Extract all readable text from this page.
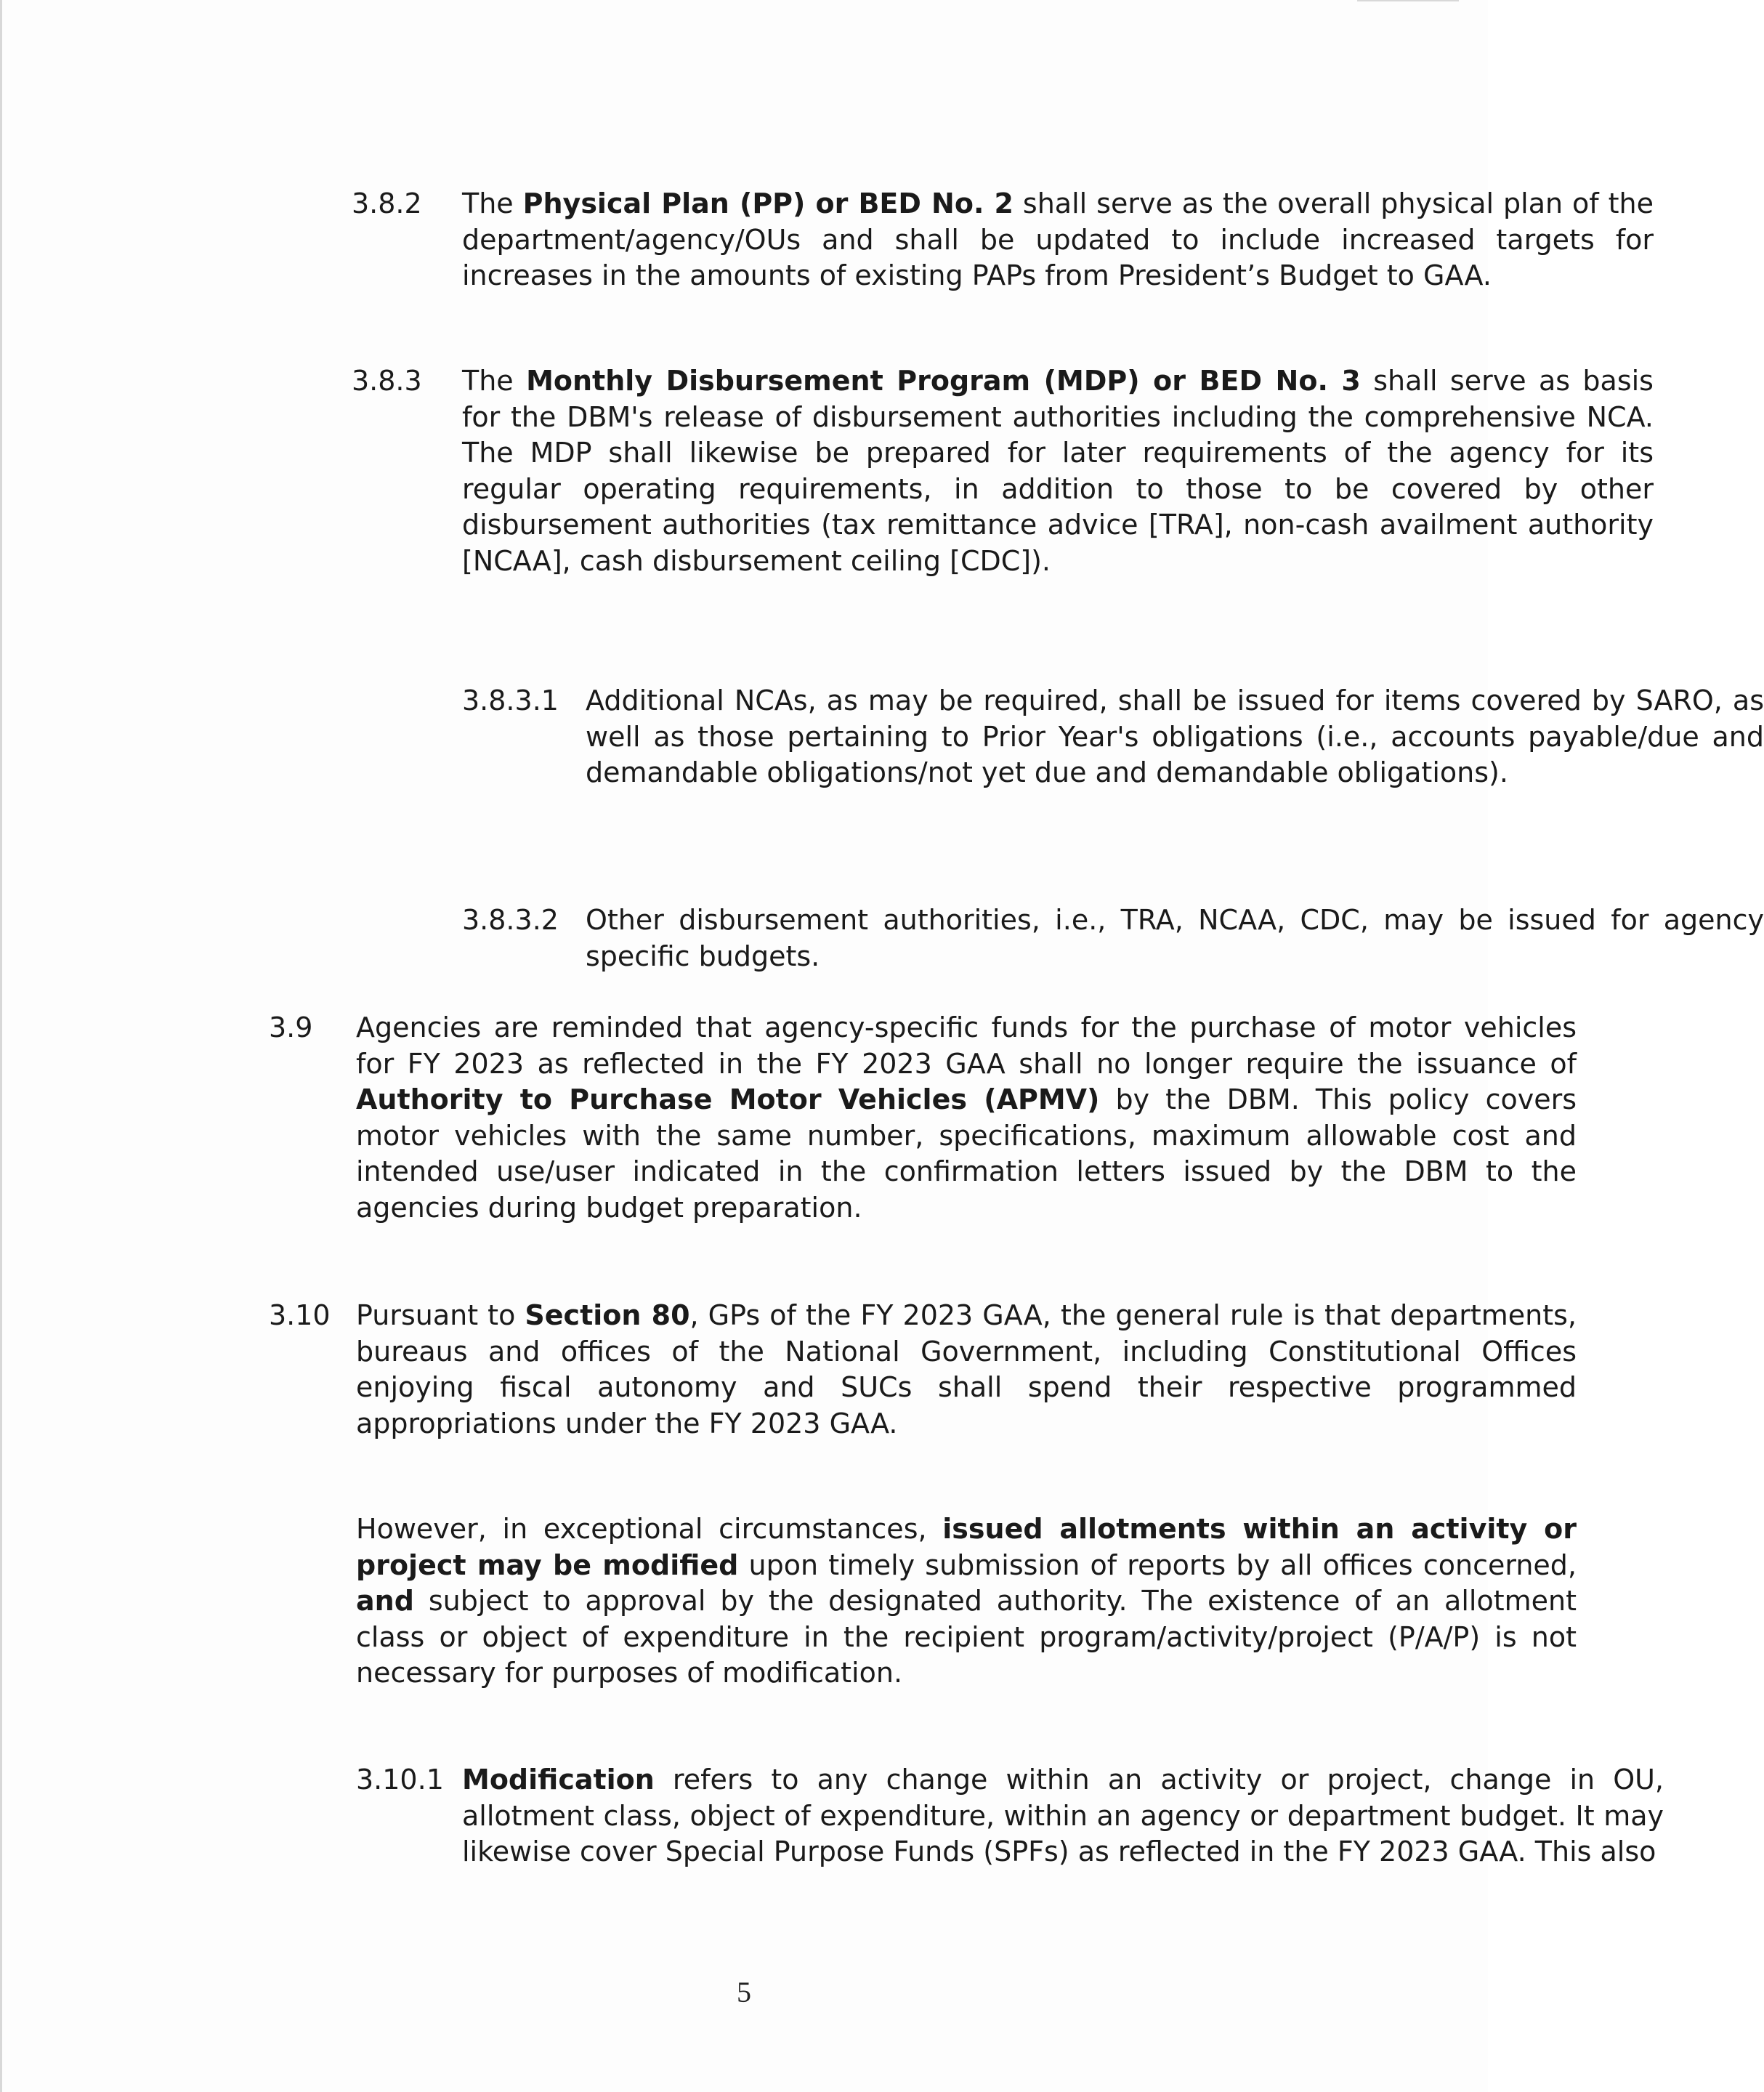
3.8.2 The Physical Plan (PP) or BED No. 2 shall serve as the overall physical plan of the department/agency/OUs and shall be updated to include increased targets for increases in the amounts of existing PAPs from President’s Budget to GAA.
3.8.3 The Monthly Disbursement Program (MDP) or BED No. 3 shall serve as basis for the DBM's release of disbursement authorities including the comprehensive NCA. The MDP shall likewise be prepared for later requirements of the agency for its regular operating requirements, in addition to those to be covered by other disbursement authorities (tax remittance advice [TRA], non-cash availment authority [NCAA], cash disbursement ceiling [CDC]).
3.8.3.1 Additional NCAs, as may be required, shall be issued for items covered by SARO, as well as those pertaining to Prior Year's obligations (i.e., accounts payable/due and demandable obligations/not yet due and demandable obligations).
3.8.3.2 Other disbursement authorities, i.e., TRA, NCAA, CDC, may be issued for agency specific budgets.
3.9 Agencies are reminded that agency-specific funds for the purchase of motor vehicles for FY 2023 as reflected in the FY 2023 GAA shall no longer require the issuance of Authority to Purchase Motor Vehicles (APMV) by the DBM. This policy covers motor vehicles with the same number, specifications, maximum allowable cost and intended use/user indicated in the confirmation letters issued by the DBM to the agencies during budget preparation.
3.10 Pursuant to Section 80, GPs of the FY 2023 GAA, the general rule is that departments, bureaus and offices of the National Government, including Constitutional Offices enjoying fiscal autonomy and SUCs shall spend their respective programmed appropriations under the FY 2023 GAA.
However, in exceptional circumstances, issued allotments within an activity or project may be modified upon timely submission of reports by all offices concerned, and subject to approval by the designated authority. The existence of an allotment class or object of expenditure in the recipient program/activity/project (P/A/P) is not necessary for purposes of modification.
3.10.1 Modification refers to any change within an activity or project, change in OU, allotment class, object of expenditure, within an agency or department budget. It may likewise cover Special Purpose Funds (SPFs) as reflected in the FY 2023 GAA. This also
5
